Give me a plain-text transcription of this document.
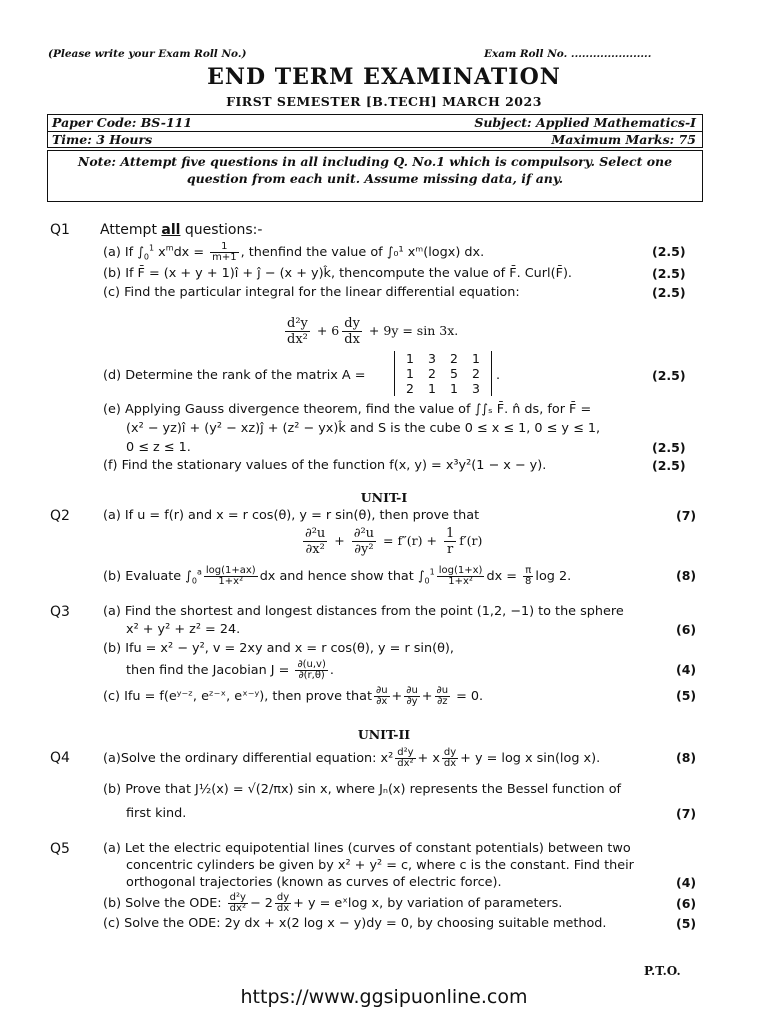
(Please write your Exam Roll No.)	Exam Roll No. ......................
END TERM EXAMINATION
FIRST SEMESTER [B.TECH] MARCH 2023
Paper Code: BS-111	Subject: Applied Mathematics-I
Time: 3 Hours	Maximum Marks: 75
Note: Attempt five questions in all including Q. No.1 which is compulsory. Select one question from each unit. Assume missing data, if any.
Q1 Attempt all questions:-
(a) If $\int_0^1$ $x^mdx = \frac{1}{m+1}$ , thenfind the value of ∫₀¹ xᵐ(logx) dx.	(2.5)
(b) If F̄ = (x + y + 1)î + ĵ − (x + y)k̂, thencompute the value of F̄. Curl(F̄).	(2.5)
(c) Find the particular integral for the linear differential equation:	(2.5)
$\frac{\text{d²y}}{\text{dx²}} + 6 \frac{dy}{dx} + 9y = \sin 3x$.
(d) Determine the rank of the matrix A =
1 3 2 1
1 2 5 2
2 1 1 3
.	(2.5)
(e) Applying Gauss divergence theorem, find the value of ∫∫ₛ F̄. n̂ ds, for F̄ =
(x² − yz)î + (y² − xz)ĵ + (z² − yx)k̂ and S is the cube 0 ≤ x ≤ 1, 0 ≤ y ≤ 1,
0 ≤ z ≤ 1.	(2.5)
(f) Find the stationary values of the function f(x, y) = x³y²(1 − x − y).	(2.5)
UNIT-I
Q2	(a) If u = f(r) and x = r cos(θ), y = r sin(θ), then prove that	(7)
$\frac{\text{∂²u}}{\text{∂x²}} + \frac{\text{∂²u}}{\text{∂y²}} = f''(r) + \frac{1}{r} f'(r)$
(b) Evaluate $\int_0^a \frac{\log(1+ax)}{\text{1+x²}}$ dx and hence show that $\int_0^1 \frac{\log(1+x)}{\text{1+x²}}$ dx = $\frac{\pi}{8}$ log 2.	(8)
Q3	(a) Find the shortest and longest distances from the point (1,2, −1) to the sphere
x² + y² + z² = 24.	(6)
(b) Ifu = x² − y², v = 2xy and x = r cos(θ), y = r sin(θ),
then find the Jacobian $J = \frac{\partial(u,v)}{\partial(r,\theta)}$ .	(4)
(c) Ifu = f(eʸ⁻ᶻ, eᶻ⁻ˣ, eˣ⁻ʸ), then prove that $\frac{\partial u}{\partial x} + \frac{\partial u}{\partial y} + \frac{\partial u}{\partial z} = 0$.	(5)
UNIT-II
Q4	(a)Solve the ordinary differential equation: $x^2 \frac{\text{d²y}}{\text{dx²}} + x \frac{dy}{dx} + y = \log x$ sin(log x).	(8)
(b) Prove that J½(x) = √(2/πx) sin x, where Jₙ(x) represents the Bessel function of
first kind.	(7)
Q5	(a) Let the electric equipotential lines (curves of constant potentials) between two
concentric cylinders be given by x² + y² = c, where c is the constant. Find their
orthogonal trajectories (known as curves of electric force).	(4)
(b) Solve the ODE: $\frac{\text{d²y}}{\text{dx²}} - 2 \frac{dy}{dx} + y$ = eˣlog x, by variation of parameters.	(6)
(c) Solve the ODE: 2y dx + x(2 log x − y)dy = 0, by choosing suitable method.	(5)
P.T.O.
https://www.ggsipuonline.com
